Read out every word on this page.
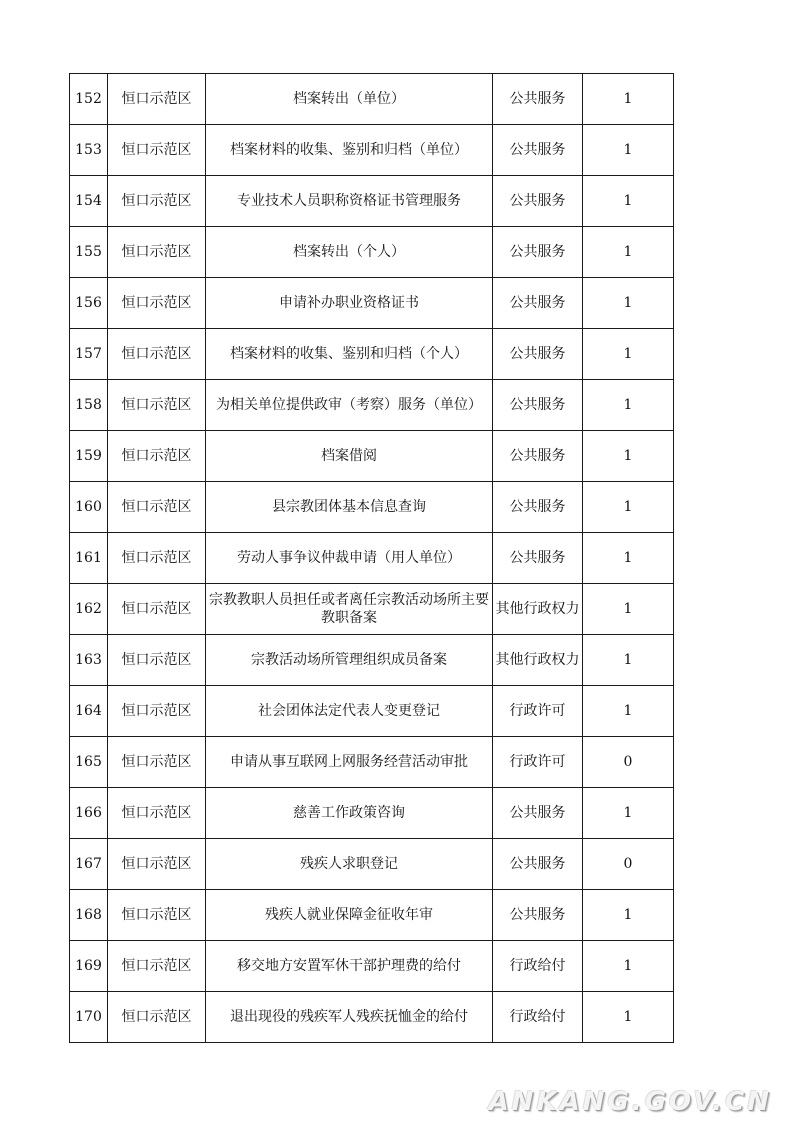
152	恒口示范区	档案转出（单位）	公共服务	1
153	恒口示范区	档案材料的收集、鉴别和归档（单位）	公共服务	1
154	恒口示范区	专业技术人员职称资格证书管理服务	公共服务	1
155	恒口示范区	档案转出（个人）	公共服务	1
156	恒口示范区	申请补办职业资格证书	公共服务	1
157	恒口示范区	档案材料的收集、鉴别和归档（个人）	公共服务	1
158	恒口示范区	为相关单位提供政审（考察）服务（单位）	公共服务	1
159	恒口示范区	档案借阅	公共服务	1
160	恒口示范区	县宗教团体基本信息查询	公共服务	1
161	恒口示范区	劳动人事争议仲裁申请（用人单位）	公共服务	1
162	恒口示范区	宗教教职人员担任或者离任宗教活动场所主要教职备案	其他行政权力	1
163	恒口示范区	宗教活动场所管理组织成员备案	其他行政权力	1
164	恒口示范区	社会团体法定代表人变更登记	行政许可	1
165	恒口示范区	申请从事互联网上网服务经营活动审批	行政许可	0
166	恒口示范区	慈善工作政策咨询	公共服务	1
167	恒口示范区	残疾人求职登记	公共服务	0
168	恒口示范区	残疾人就业保障金征收年审	公共服务	1
169	恒口示范区	移交地方安置军休干部护理费的给付	行政给付	1
170	恒口示范区	退出现役的残疾军人残疾抚恤金的给付	行政给付	1
ANKANG.GOV.CN
